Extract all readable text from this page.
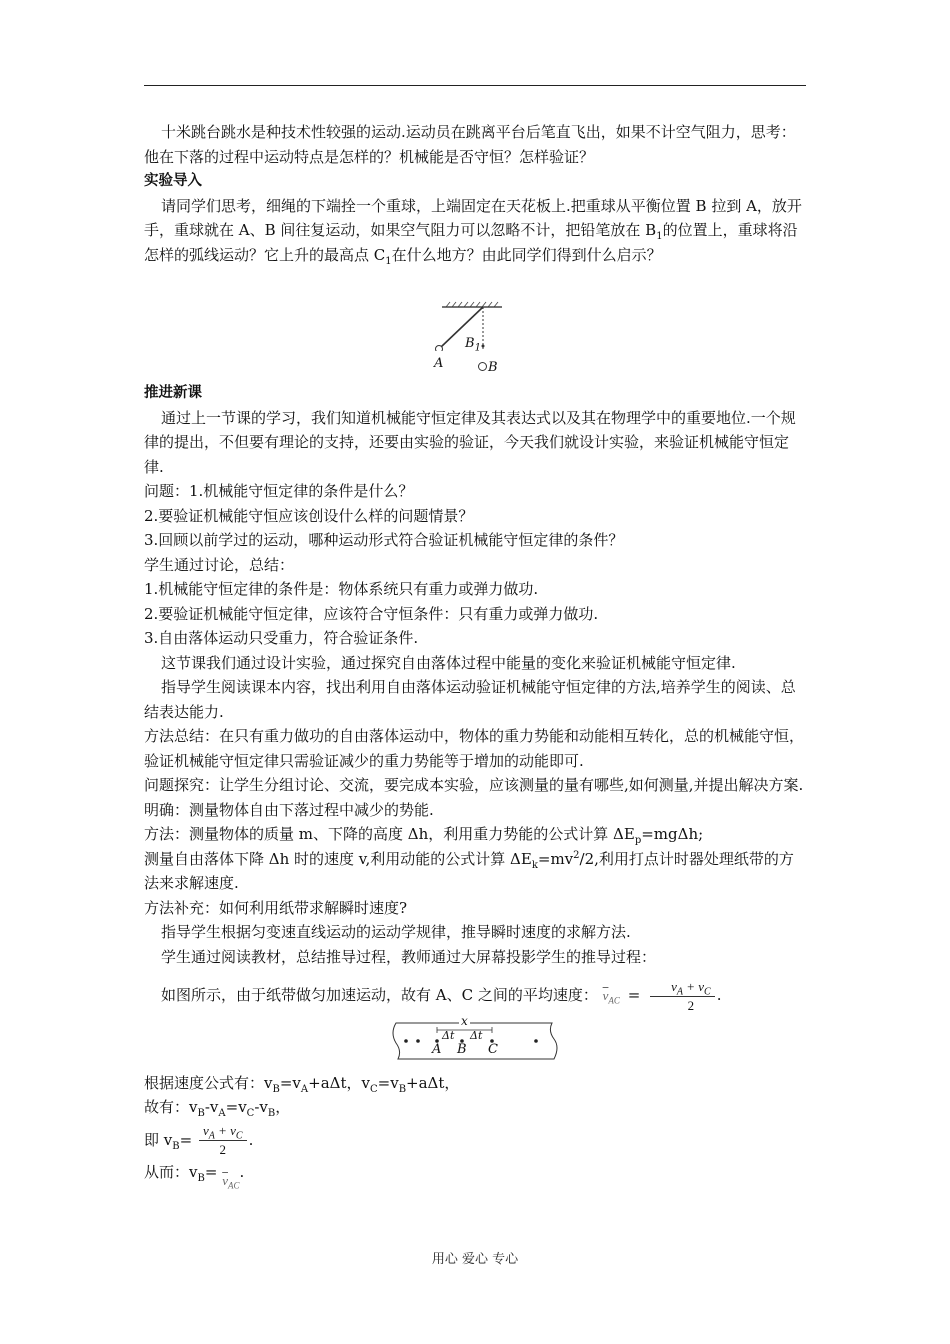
十米跳台跳水是种技术性较强的运动.运动员在跳离平台后笔直飞出，如果不计空气阻力，思考：他在下落的过程中运动特点是怎样的？机械能是否守恒？怎样验证？

实验导入

请同学们思考，细绳的下端拴一个重球，上端固定在天花板上.把重球从平衡位置 B 拉到 A，放开手，重球就在 A、B 间往复运动，如果空气阻力可以忽略不计，把铅笔放在 $B_1$的位置上，重球将沿怎样的弧线运动？它上升的最高点 $C_1$在什么地方？由此同学们得到什么启示？

A
$B_1$
B

推进新课

通过上一节课的学习，我们知道机械能守恒定律及其表达式以及其在物理学中的重要地位.一个规律的提出，不但要有理论的支持，还要由实验的验证，今天我们就设计实验，来验证机械能守恒定律.

问题：1.机械能守恒定律的条件是什么？

2.要验证机械能守恒应该创设什么样的问题情景？

3.回顾以前学过的运动，哪种运动形式符合验证机械能守恒定律的条件？

学生通过讨论，总结：

1.机械能守恒定律的条件是：物体系统只有重力或弹力做功.

2.要验证机械能守恒定律，应该符合守恒条件：只有重力或弹力做功.

3.自由落体运动只受重力，符合验证条件.

这节课我们通过设计实验，通过探究自由落体过程中能量的变化来验证机械能守恒定律.

指导学生阅读课本内容，找出利用自由落体运动验证机械能守恒定律的方法,培养学生的阅读、总结表达能力.

方法总结：在只有重力做功的自由落体运动中，物体的重力势能和动能相互转化，总的机械能守恒，验证机械能守恒定律只需验证减少的重力势能等于增加的动能即可.

问题探究：让学生分组讨论、交流，要完成本实验，应该测量的量有哪些,如何测量,并提出解决方案.

明确：测量物体自由下落过程中减少的势能.

方法：测量物体的质量 m、下降的高度 Δh，利用重力势能的公式计算 $\Delta E_p=mg\Delta h$;

测量自由落体下降 Δh 时的速度 v,利用动能的公式计算 $\Delta E_k=mv^2/2$,利用打点计时器处理纸带的方法来求解速度.

方法补充：如何利用纸带求解瞬时速度?

指导学生根据匀变速直线运动的运动学规律，推导瞬时速度的求解方法.

学生通过阅读教材，总结推导过程，教师通过大屏幕投影学生的推导过程：

如图所示，由于纸带做匀加速运动，故有 A、C 之间的平均速度： $\overline{v}_{AC} = \frac{v_A + v_C}{2}$ .

x
Δt Δt
A B C

根据速度公式有：$v_B=v_A+a\Delta t$，$v_C=v_B+a\Delta t$，

故有：$v_B-v_A=v_C-v_B$，

即 $v_B= \frac{v_A + v_C}{2}$ .

从而：$v_B= \overline{v}_{AC}$.

用心 爱心 专心
